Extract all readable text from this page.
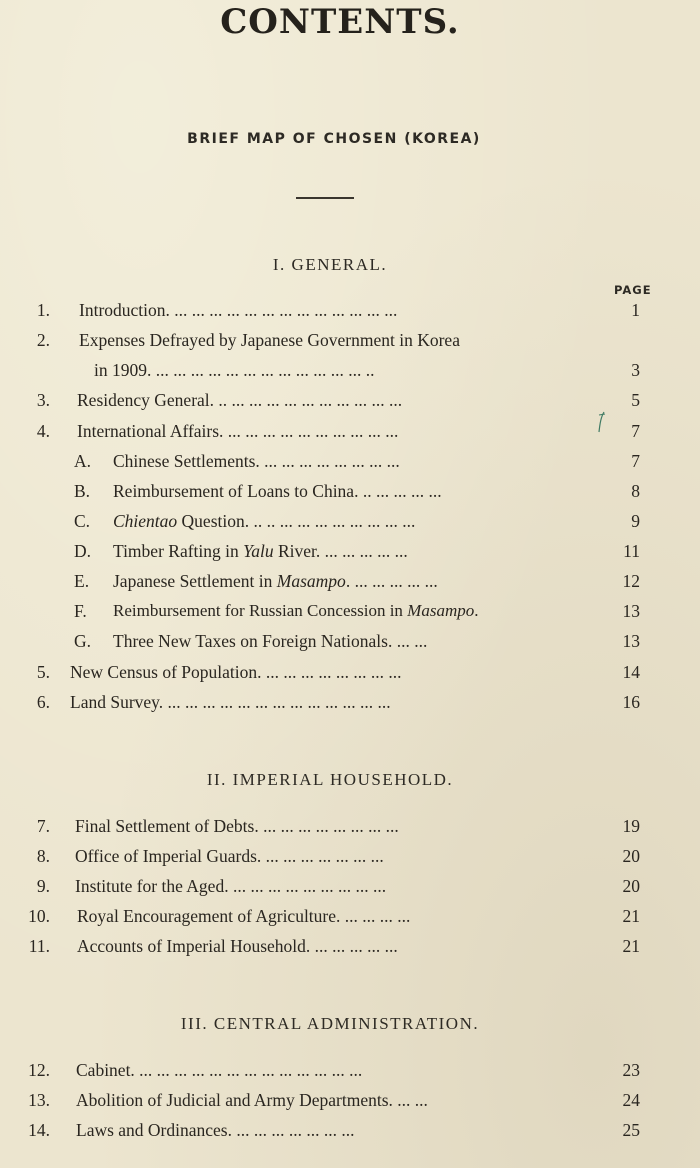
CONTENTS.
BRIEF MAP OF CHOSEN (KOREA)
I. GENERAL.
PAGE
1. Introduction. ... ... ... ... ... ... ... ... ... ... ... ... ...	1
2. Expenses Defrayed by Japanese Government in Korea
in 1909. ... ... ... ... ... ... ... ... ... ... ... ... ..	3
3. Residency General. .. ... ... ... ... ... ... ... ... ... ...	5
4. International Affairs. ... ... ... ... ... ... ... ... ... ...	7
A.	Chinese Settlements. ... ... ... ... ... ... ... ...	7
B.	Reimbursement of Loans to China. .. ... ... ... ...	8
C.	Chientao Question. .. .. ... ... ... ... ... ... ... ...	9
D.	Timber Rafting in Yalu River. ... ... ... ... ...	11
E.	Japanese Settlement in Masampo. ... ... ... ... ...	12
F.	Reimbursement for Russian Concession in Masampo.	13
G.	Three New Taxes on Foreign Nationals. ... ...	13
5. New Census of Population. ... ... ... ... ... ... ... ...	14
6. Land Survey. ... ... ... ... ... ... ... ... ... ... ... ... ...	16
II. IMPERIAL HOUSEHOLD.
7. Final Settlement of Debts. ... ... ... ... ... ... ... ...	19
8. Office of Imperial Guards. ... ... ... ... ... ... ...	20
9. Institute for the Aged. ... ... ... ... ... ... ... ... ...	20
10. Royal Encouragement of Agriculture. ... ... ... ...	21
11. Accounts of Imperial Household. ... ... ... ... ...	21
III. CENTRAL ADMINISTRATION.
12. Cabinet. ... ... ... ... ... ... ... ... ... ... ... ... ...	23
13. Abolition of Judicial and Army Departments. ... ...	24
14. Laws and Ordinances. ... ... ... ... ... ... ...	25
